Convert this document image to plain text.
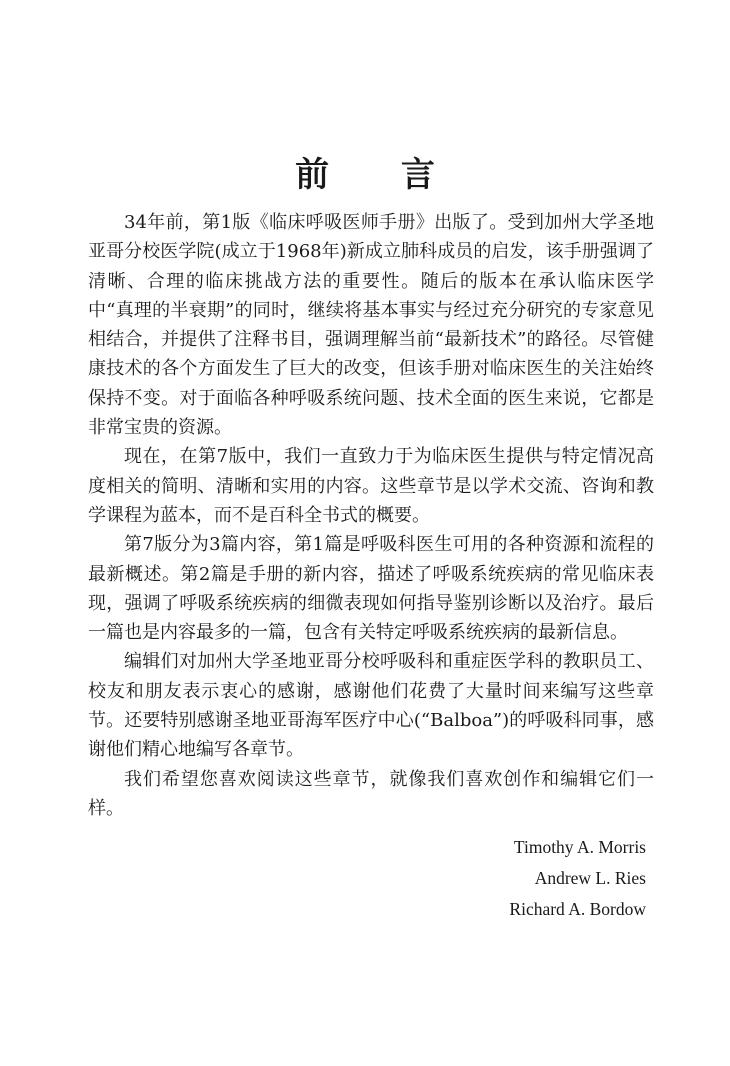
前 言

34年前，第1版《临床呼吸医师手册》出版了。受到加州大学圣地亚哥分校医学院(成立于1968年)新成立肺科成员的启发，该手册强调了清晰、合理的临床挑战方法的重要性。随后的版本在承认临床医学中“真理的半衰期”的同时，继续将基本事实与经过充分研究的专家意见相结合，并提供了注释书目，强调理解当前“最新技术”的路径。尽管健康技术的各个方面发生了巨大的改变，但该手册对临床医生的关注始终保持不变。对于面临各种呼吸系统问题、技术全面的医生来说，它都是非常宝贵的资源。

现在，在第7版中，我们一直致力于为临床医生提供与特定情况高度相关的简明、清晰和实用的内容。这些章节是以学术交流、咨询和教学课程为蓝本，而不是百科全书式的概要。

第7版分为3篇内容，第1篇是呼吸科医生可用的各种资源和流程的最新概述。第2篇是手册的新内容，描述了呼吸系统疾病的常见临床表现，强调了呼吸系统疾病的细微表现如何指导鉴别诊断以及治疗。最后一篇也是内容最多的一篇，包含有关特定呼吸系统疾病的最新信息。

编辑们对加州大学圣地亚哥分校呼吸科和重症医学科的教职员工、校友和朋友表示衷心的感谢，感谢他们花费了大量时间来编写这些章节。还要特别感谢圣地亚哥海军医疗中心(“Balboa”)的呼吸科同事，感谢他们精心地编写各章节。

我们希望您喜欢阅读这些章节，就像我们喜欢创作和编辑它们一样。

Timothy A. Morris
Andrew L. Ries
Richard A. Bordow
